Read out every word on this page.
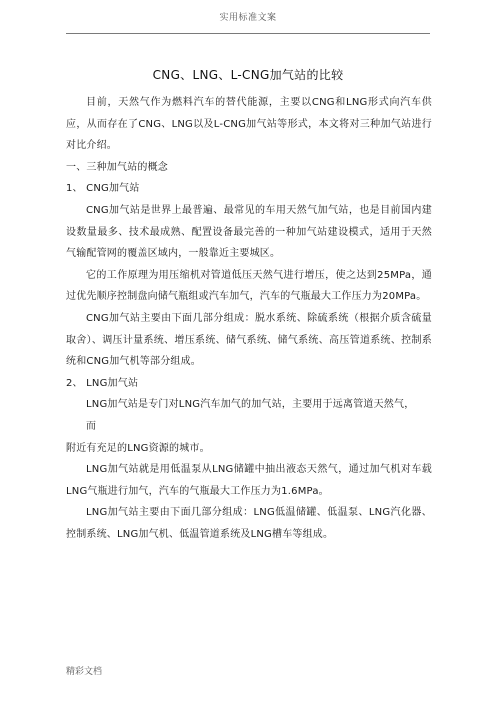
实用标准文案
CNG、LNG、L-CNG加气站的比较

目前，天然气作为燃料汽车的替代能源，主要以CNG和LNG形式向汽车供应，从而存在了CNG、LNG以及L-CNG加气站等形式，本文将对三种加气站进行对比介绍。

一、三种加气站的概念

1、 CNG加气站

CNG加气站是世界上最普遍、最常见的车用天然气加气站，也是目前国内建设数量最多、技术最成熟、配置设备最完善的一种加气站建设模式，适用于天然气输配管网的覆盖区域内，一般靠近主要城区。

它的工作原理为用压缩机对管道低压天然气进行增压，使之达到25MPa，通过优先顺序控制盘向储气瓶组或汽车加气，汽车的气瓶最大工作压力为20MPa。

CNG加气站主要由下面几部分组成：脱水系统、除硫系统（根据介质含硫量取舍）、调压计量系统、增压系统、储气系统、储气系统、高压管道系统、控制系统和CNG加气机等部分组成。

2、 LNG加气站

LNG加气站是专门对LNG汽车加气的加气站，主要用于远离管道天然气，
而
附近有充足的LNG资源的城市。

LNG加气站就是用低温泵从LNG储罐中抽出液态天然气，通过加气机对车载LNG气瓶进行加气，汽车的气瓶最大工作压力为1.6MPa。

LNG加气站主要由下面几部分组成：LNG低温储罐、低温泵、LNG汽化器、控制系统、LNG加气机、低温管道系统及LNG槽车等组成。

精彩文档
